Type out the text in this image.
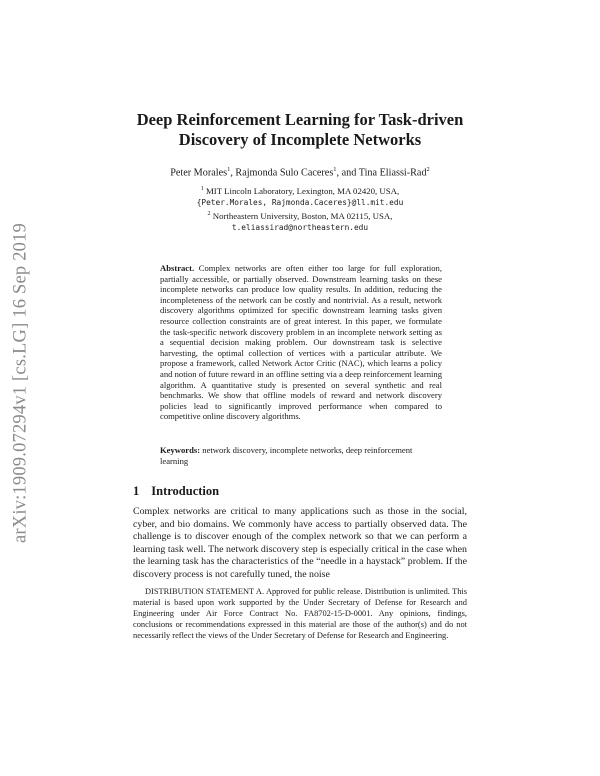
arXiv:1909.07294v1 [cs.LG] 16 Sep 2019
Deep Reinforcement Learning for Task-driven
Discovery of Incomplete Networks
Peter Morales$^1$, Rajmonda Sulo Caceres$^1$, and Tina Eliassi-Rad$^2$
$^1$ MIT Lincoln Laboratory, Lexington, MA 02420, USA,
{Peter.Morales, Rajmonda.Caceres}@ll.mit.edu
$^2$ Northeastern University, Boston, MA 02115, USA,
t.eliassirad@northeastern.edu
Abstract. Complex networks are often either too large for full exploration, partially accessible, or partially observed. Downstream learning tasks on these incomplete networks can produce low quality results. In addition, reducing the incompleteness of the network can be costly and nontrivial. As a result, network discovery algorithms optimized for specific downstream learning tasks given resource collection constraints are of great interest. In this paper, we formulate the task-specific network discovery problem in an incomplete network setting as a sequential decision making problem. Our downstream task is selective harvesting, the optimal collection of vertices with a particular attribute. We propose a framework, called Network Actor Critic (NAC), which learns a policy and notion of future reward in an offline setting via a deep reinforcement learning algorithm. A quantitative study is presented on several synthetic and real benchmarks. We show that offline models of reward and network discovery policies lead to significantly improved performance when compared to competitive online discovery algorithms.
Keywords: network discovery, incomplete networks, deep reinforcement learning
1 Introduction
Complex networks are critical to many applications such as those in the social, cyber, and bio domains. We commonly have access to partially observed data. The challenge is to discover enough of the complex network so that we can perform a learning task well. The network discovery step is especially critical in the case when the learning task has the characteristics of the “needle in a haystack” problem. If the discovery process is not carefully tuned, the noise
DISTRIBUTION STATEMENT A. Approved for public release. Distribution is unlimited. This material is based upon work supported by the Under Secretary of Defense for Research and Engineering under Air Force Contract No. FA8702-15-D-0001. Any opinions, findings, conclusions or recommendations expressed in this material are those of the author(s) and do not necessarily reflect the views of the Under Secretary of Defense for Research and Engineering.
